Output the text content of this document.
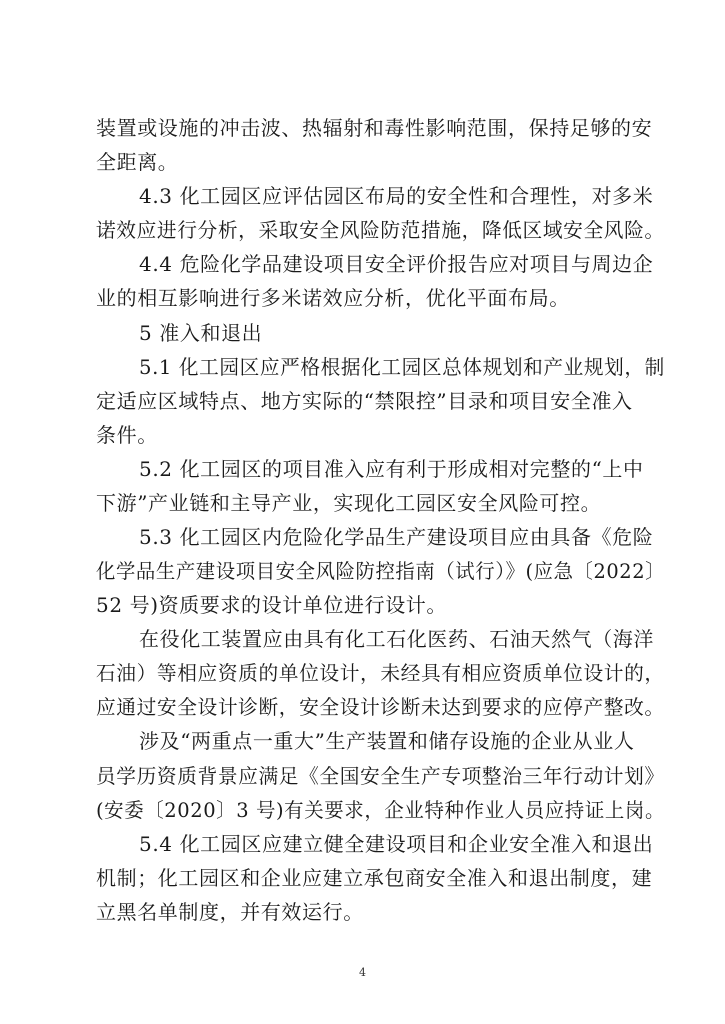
装置或设施的冲击波、热辐射和毒性影响范围，保持足够的安
全距离。
4.3 化工园区应评估园区布局的安全性和合理性，对多米
诺效应进行分析，采取安全风险防范措施，降低区域安全风险。
4.4 危险化学品建设项目安全评价报告应对项目与周边企
业的相互影响进行多米诺效应分析，优化平面布局。
5 准入和退出
5.1 化工园区应严格根据化工园区总体规划和产业规划，制
定适应区域特点、地方实际的“禁限控”目录和项目安全准入
条件。
5.2 化工园区的项目准入应有利于形成相对完整的“上中
下游”产业链和主导产业，实现化工园区安全风险可控。
5.3 化工园区内危险化学品生产建设项目应由具备《危险
化学品生产建设项目安全风险防控指南（试行）》(应急〔2022〕
52 号)资质要求的设计单位进行设计。
在役化工装置应由具有化工石化医药、石油天然气（海洋
石油）等相应资质的单位设计，未经具有相应资质单位设计的，
应通过安全设计诊断，安全设计诊断未达到要求的应停产整改。
涉及“两重点一重大”生产装置和储存设施的企业从业人
员学历资质背景应满足《全国安全生产专项整治三年行动计划》
(安委〔2020〕3 号)有关要求，企业特种作业人员应持证上岗。
5.4 化工园区应建立健全建设项目和企业安全准入和退出
机制；化工园区和企业应建立承包商安全准入和退出制度，建
立黑名单制度，并有效运行。
4
